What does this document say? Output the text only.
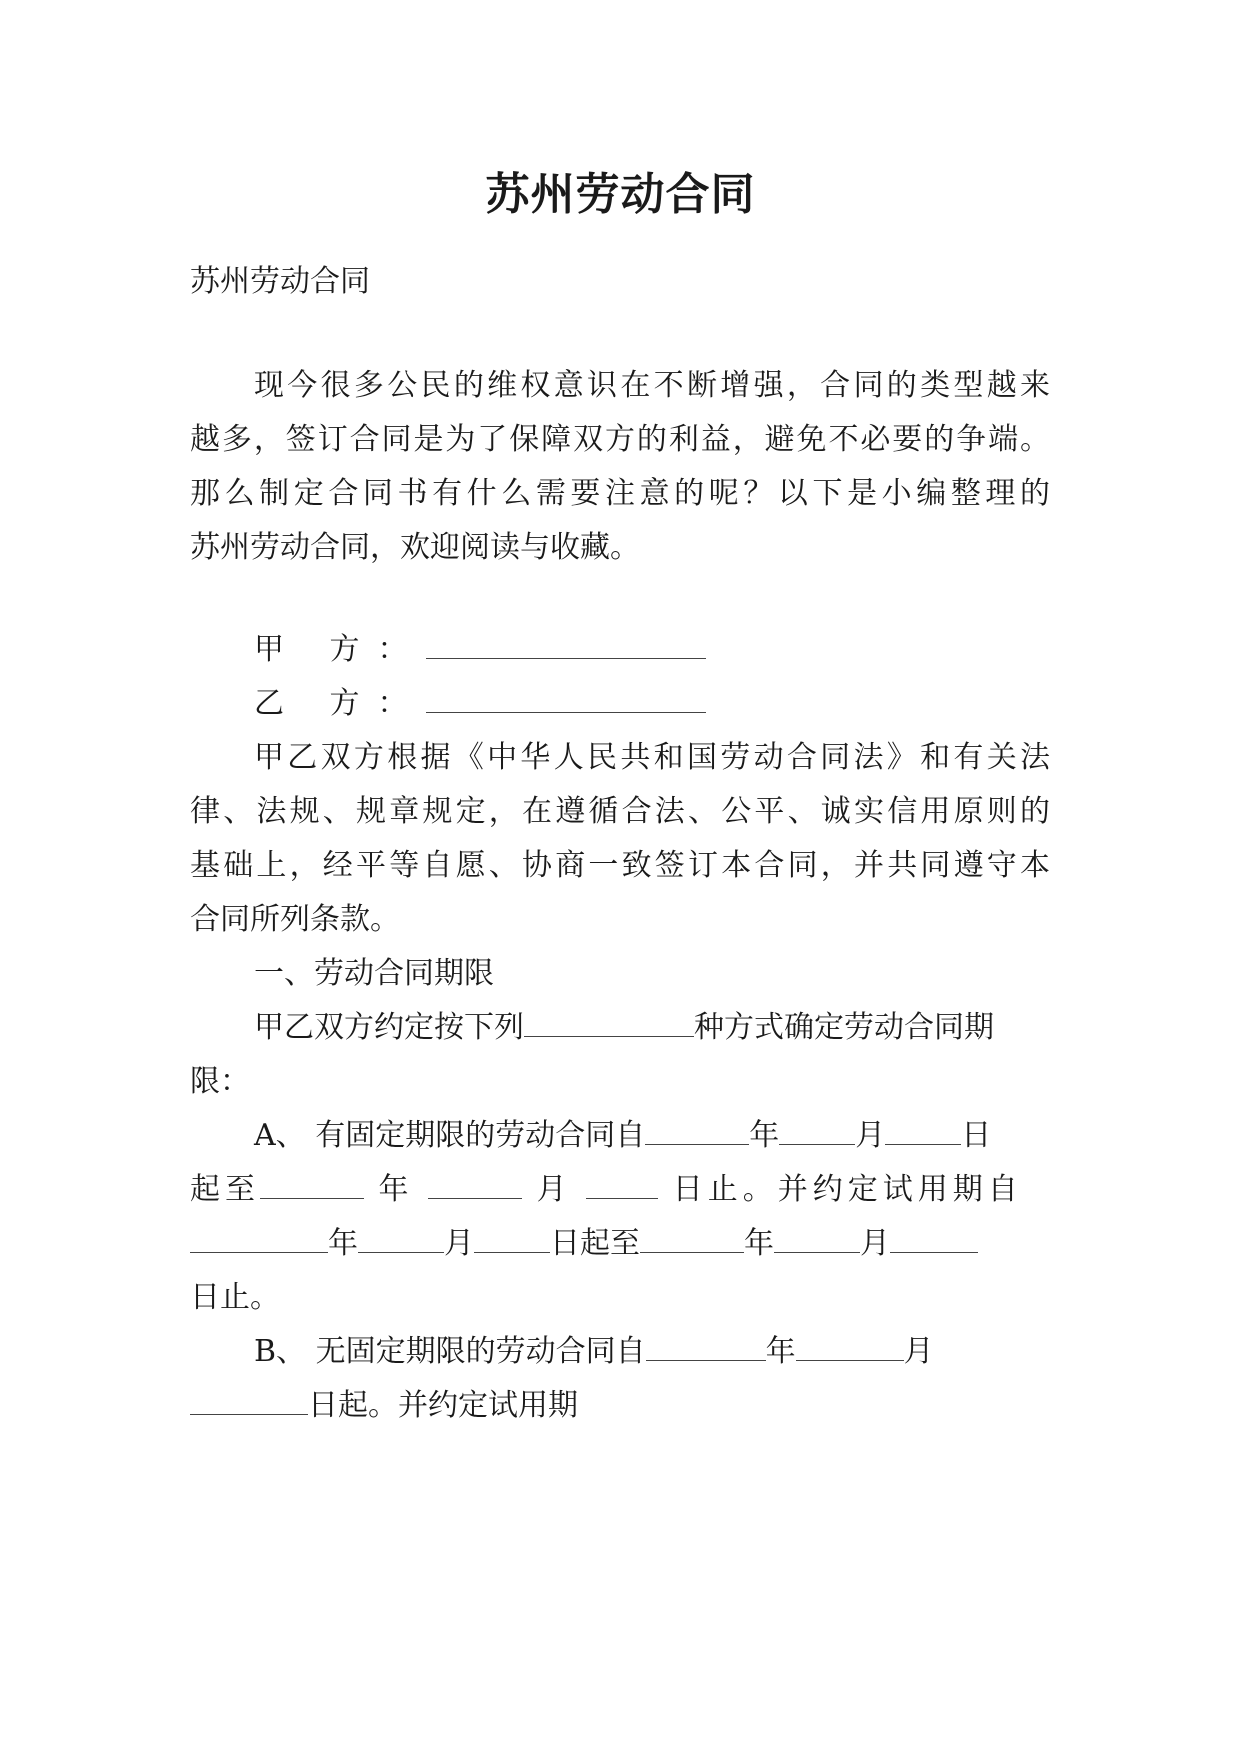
苏州劳动合同
苏州劳动合同
现今很多公民的维权意识在不断增强，合同的类型越来
越多，签订合同是为了保障双方的利益，避免不必要的争端。
那么制定合同书有什么需要注意的呢？以下是小编整理的
苏州劳动合同，欢迎阅读与收藏。
甲 方：
乙 方：
甲乙双方根据《中华人民共和国劳动合同法》和有关法
律、法规、规章规定，在遵循合法、公平、诚实信用原则的
基础上，经平等自愿、协商一致签订本合同，并共同遵守本
合同所列条款。
一、劳动合同期限
甲乙双方约定按下列	种方式确定劳动合同期
限：
A、 有固定期限的劳动合同自	年	月	日
起至	年	月	日止。并约定试用期自
年	月	日起至	年	月
日止。
B、 无固定期限的劳动合同自	年	月
日起。并约定试用期
